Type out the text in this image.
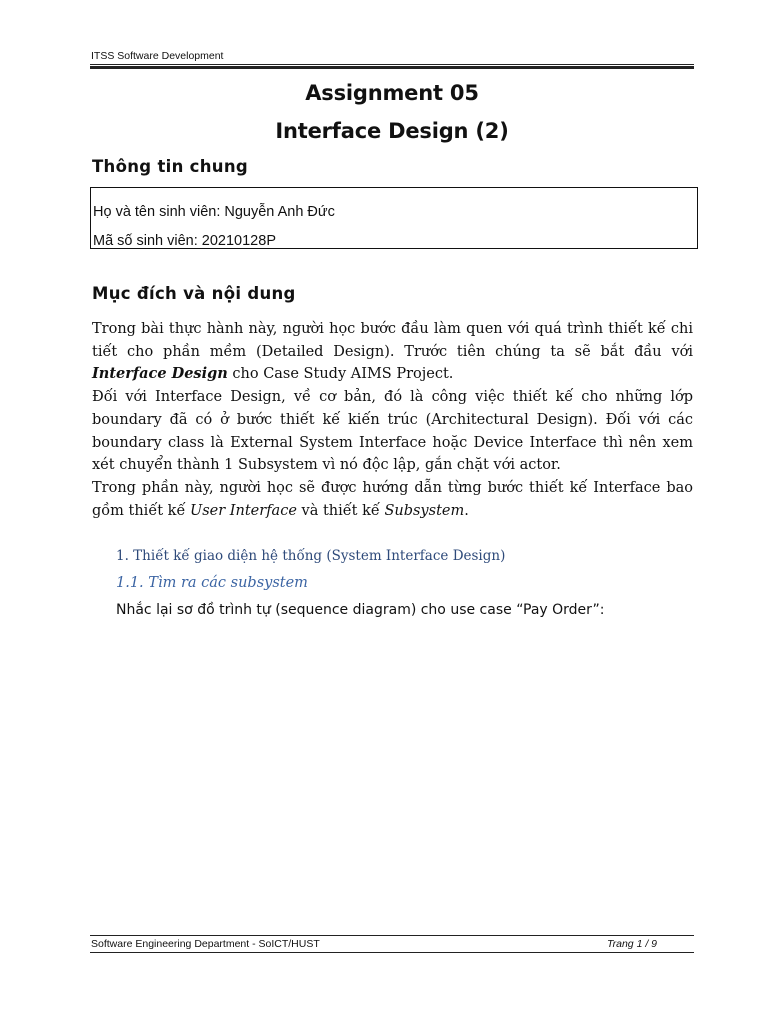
ITSS Software Development
Assignment 05
Interface Design (2)
Thông tin chung
Họ và tên sinh viên: Nguyễn Anh Đức
Mã số sinh viên: 20210128P
Mục đích và nội dung

Trong bài thực hành này, người học bước đầu làm quen với quá trình thiết kế chi tiết cho phần mềm (Detailed Design). Trước tiên chúng ta sẽ bắt đầu với Interface Design cho Case Study AIMS Project.

Đối với Interface Design, về cơ bản, đó là công việc thiết kế cho những lớp boundary đã có ở bước thiết kế kiến trúc (Architectural Design). Đối với các boundary class là External System Interface hoặc Device Interface thì nên xem xét chuyển thành 1 Subsystem vì nó độc lập, gắn chặt với actor.

Trong phần này, người học sẽ được hướng dẫn từng bước thiết kế Interface bao gồm thiết kế User Interface và thiết kế Subsystem.

1. Thiết kế giao diện hệ thống (System Interface Design)
1.1. Tìm ra các subsystem
Nhắc lại sơ đồ trình tự (sequence diagram) cho use case “Pay Order”:
Software Engineering Department - SoICT/HUST	Trang 1 / 9
